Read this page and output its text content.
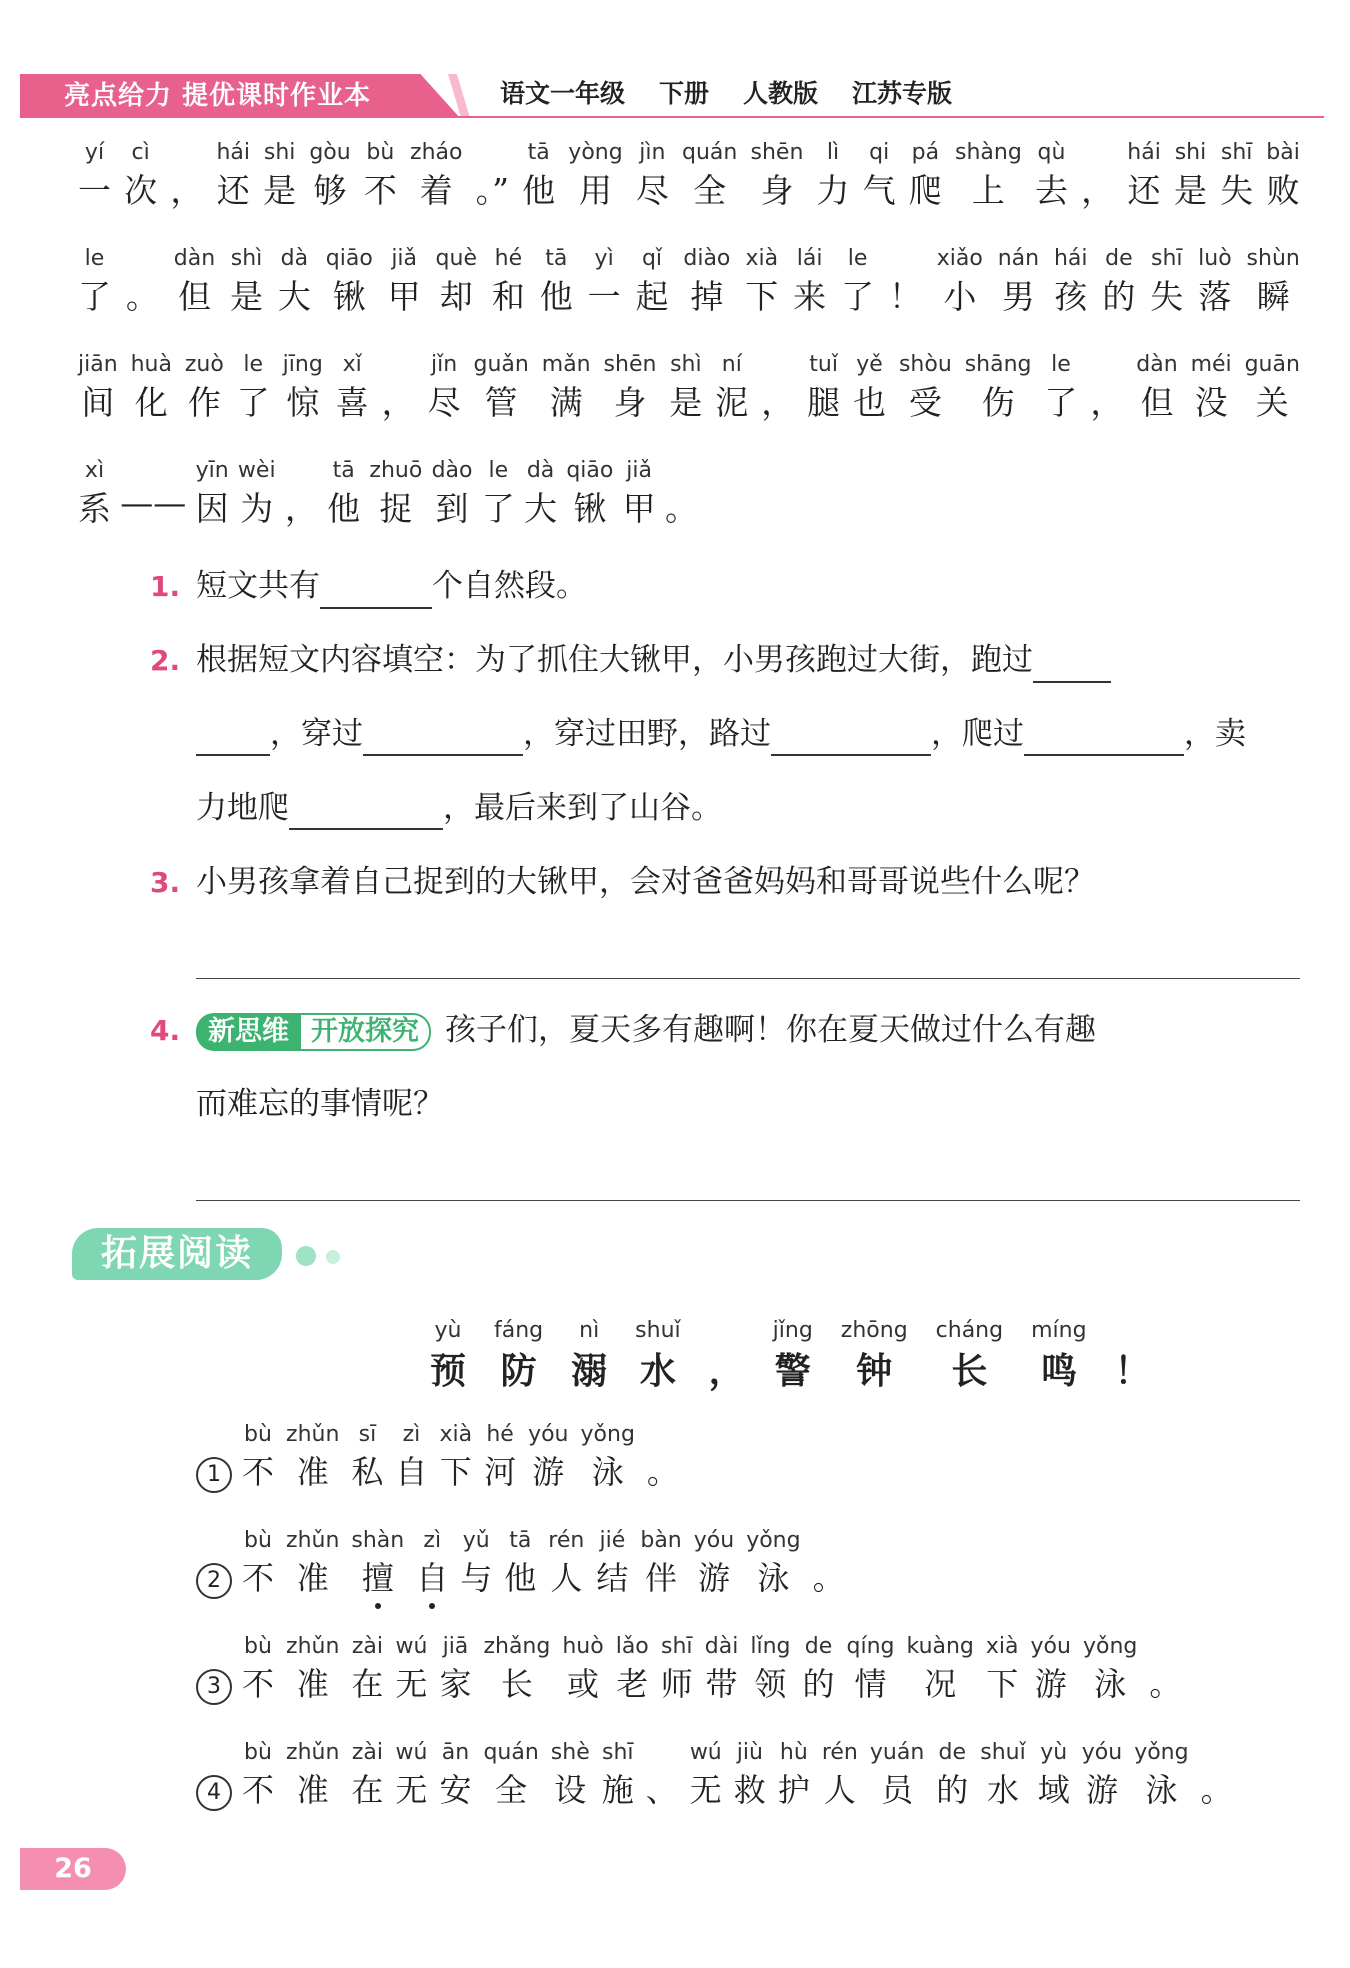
亮点给力 提优课时作业本	语文一年级 下册 人教版 江苏专版
yí
一
cì
次
，
hái
还
shi
是
gòu
够
bù
不
zháo
着
。”
tā
他
yòng
用
jìn
尽
quán
全
shēn
身
lì
力
qi
气
pá
爬
shàng
上
qù
去
，
hái
还
shi
是
shī
失
bài
败
le
了
。
dàn
但
shì
是
dà
大
qiāo
锹
jiǎ
甲
què
却
hé
和
tā
他
yì
一
qǐ
起
diào
掉
xià
下
lái
来
le
了
！
xiǎo
小
nán
男
hái
孩
de
的
shī
失
luò
落
shùn
瞬
jiān
间
huà
化
zuò
作
le
了
jīng
惊
xǐ
喜
，
jǐn
尽
guǎn
管
mǎn
满
shēn
身
shì
是
ní
泥
，
tuǐ
腿
yě
也
shòu
受
shāng
伤
le
了
，
dàn
但
méi
没
guān
关
xì
系
——
yīn
因
wèi
为
，
tā
他
zhuō
捉
dào
到
le
了
dà
大
qiāo
锹
jiǎ
甲
。
1. 短文共有	个自然段。
2. 根据短文内容填空：为了抓住大锹甲，小男孩跑过大街，跑过
，穿过	，穿过田野，路过	，爬过	，卖
力地爬	，最后来到了山谷。
3. 小男孩拿着自己捉到的大锹甲，会对爸爸妈妈和哥哥说些什么呢？
4.	新思维 开放探究 孩子们，夏天多有趣啊！你在夏天做过什么有趣
而难忘的事情呢？
拓展阅读
yù
预
fáng
防
nì
溺
shuǐ
水
，
jǐng
警
zhōng
钟
cháng
长
míng
鸣
！
1
bù
不
zhǔn
准
sī
私
zì
自
xià
下
hé
河
yóu
游
yǒng
泳
。
2
bù
不
zhǔn
准
shàn
擅
zì
自
yǔ
与
tā
他
rén
人
jié
结
bàn
伴
yóu
游
yǒng
泳
。
3
bù
不
zhǔn
准
zài
在
wú
无
jiā
家
zhǎng
长
huò
或
lǎo
老
shī
师
dài
带
lǐng
领
de
的
qíng
情
kuàng
况
xià
下
yóu
游
yǒng
泳
。
4
bù
不
zhǔn
准
zài
在
wú
无
ān
安
quán
全
shè
设
shī
施
、
wú
无
jiù
救
hù
护
rén
人
yuán
员
de
的
shuǐ
水
yù
域
yóu
游
yǒng
泳
。
26
